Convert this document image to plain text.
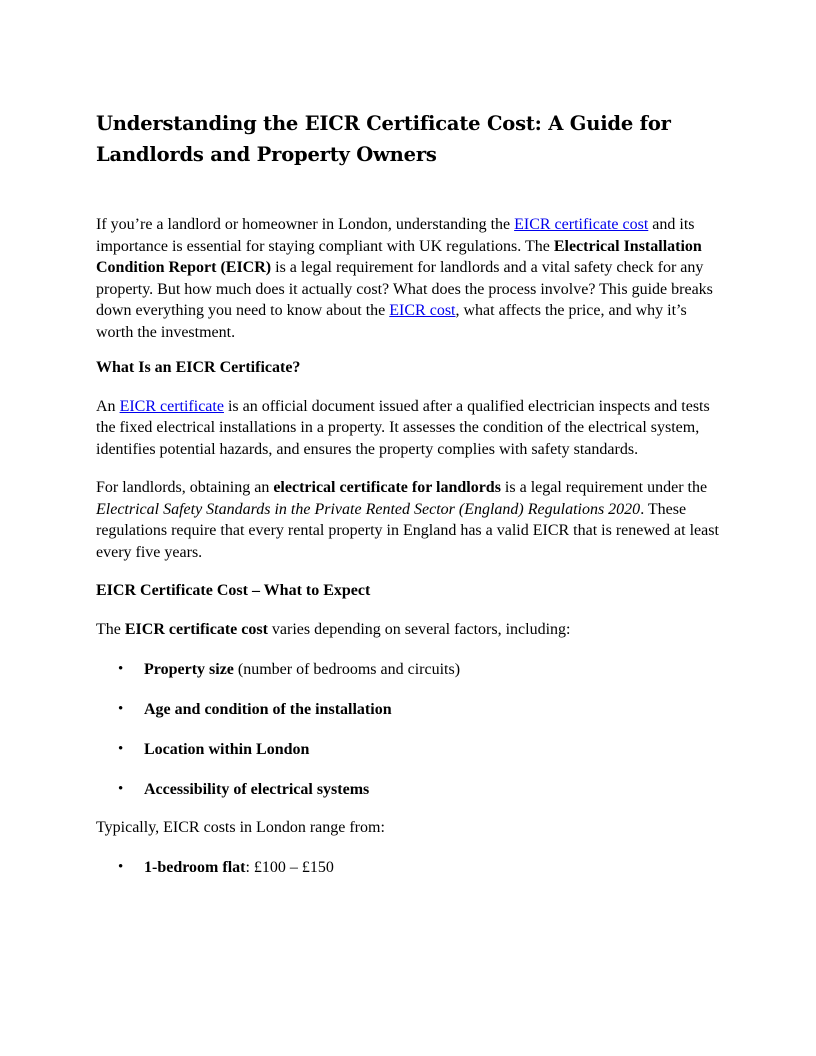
Understanding the EICR Certificate Cost: A Guide for Landlords and Property Owners

If you’re a landlord or homeowner in London, understanding the EICR certificate cost and its importance is essential for staying compliant with UK regulations. The Electrical Installation Condition Report (EICR) is a legal requirement for landlords and a vital safety check for any property. But how much does it actually cost? What does the process involve? This guide breaks down everything you need to know about the EICR cost, what affects the price, and why it’s worth the investment.

What Is an EICR Certificate?

An EICR certificate is an official document issued after a qualified electrician inspects and tests the fixed electrical installations in a property. It assesses the condition of the electrical system, identifies potential hazards, and ensures the property complies with safety standards.

For landlords, obtaining an electrical certificate for landlords is a legal requirement under the Electrical Safety Standards in the Private Rented Sector (England) Regulations 2020. These regulations require that every rental property in England has a valid EICR that is renewed at least every five years.

EICR Certificate Cost – What to Expect

The EICR certificate cost varies depending on several factors, including:

• Property size (number of bedrooms and circuits)
• Age and condition of the installation
• Location within London
• Accessibility of electrical systems

Typically, EICR costs in London range from:

• 1-bedroom flat: £100 – £150
